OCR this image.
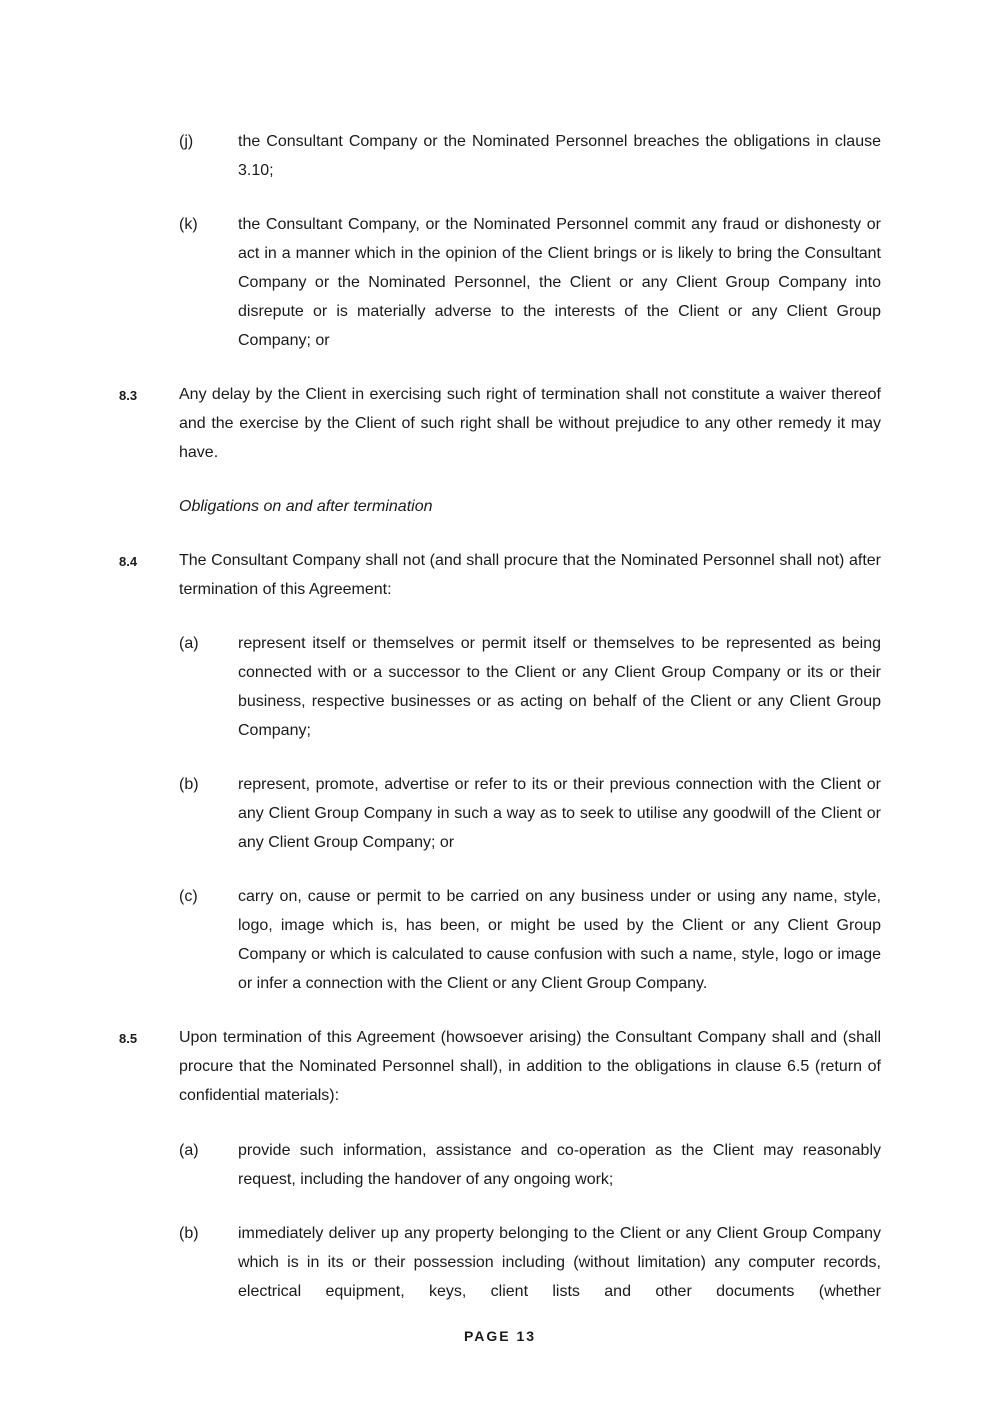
(j)	the Consultant Company or the Nominated Personnel breaches the obligations in clause 3.10;

(k)	the Consultant Company, or the Nominated Personnel commit any fraud or dishonesty or act in a manner which in the opinion of the Client brings or is likely to bring the Consultant Company or the Nominated Personnel, the Client or any Client Group Company into disrepute or is materially adverse to the interests of the Client or any Client Group Company; or

8.3	Any delay by the Client in exercising such right of termination shall not constitute a waiver thereof and the exercise by the Client of such right shall be without prejudice to any other remedy it may have.

Obligations on and after termination
8.4	The Consultant Company shall not (and shall procure that the Nominated Personnel shall not) after termination of this Agreement:

(a)	represent itself or themselves or permit itself or themselves to be represented as being connected with or a successor to the Client or any Client Group Company or its or their business, respective businesses or as acting on behalf of the Client or any Client Group Company;

(b)	represent, promote, advertise or refer to its or their previous connection with the Client or any Client Group Company in such a way as to seek to utilise any goodwill of the Client or any Client Group Company; or

(c)	carry on, cause or permit to be carried on any business under or using any name, style, logo, image which is, has been, or might be used by the Client or any Client Group Company or which is calculated to cause confusion with such a name, style, logo or image or infer a connection with the Client or any Client Group Company.

8.5	Upon termination of this Agreement (howsoever arising) the Consultant Company shall and (shall procure that the Nominated Personnel shall), in addition to the obligations in clause 6.5 (return of confidential materials):

(a)	provide such information, assistance and co-operation as the Client may reasonably request, including the handover of any ongoing work;

(b)	immediately deliver up any property belonging to the Client or any Client Group Company which is in its or their possession including (without limitation) any computer records, electrical equipment, keys, client lists and other documents (whether

PAGE 13
